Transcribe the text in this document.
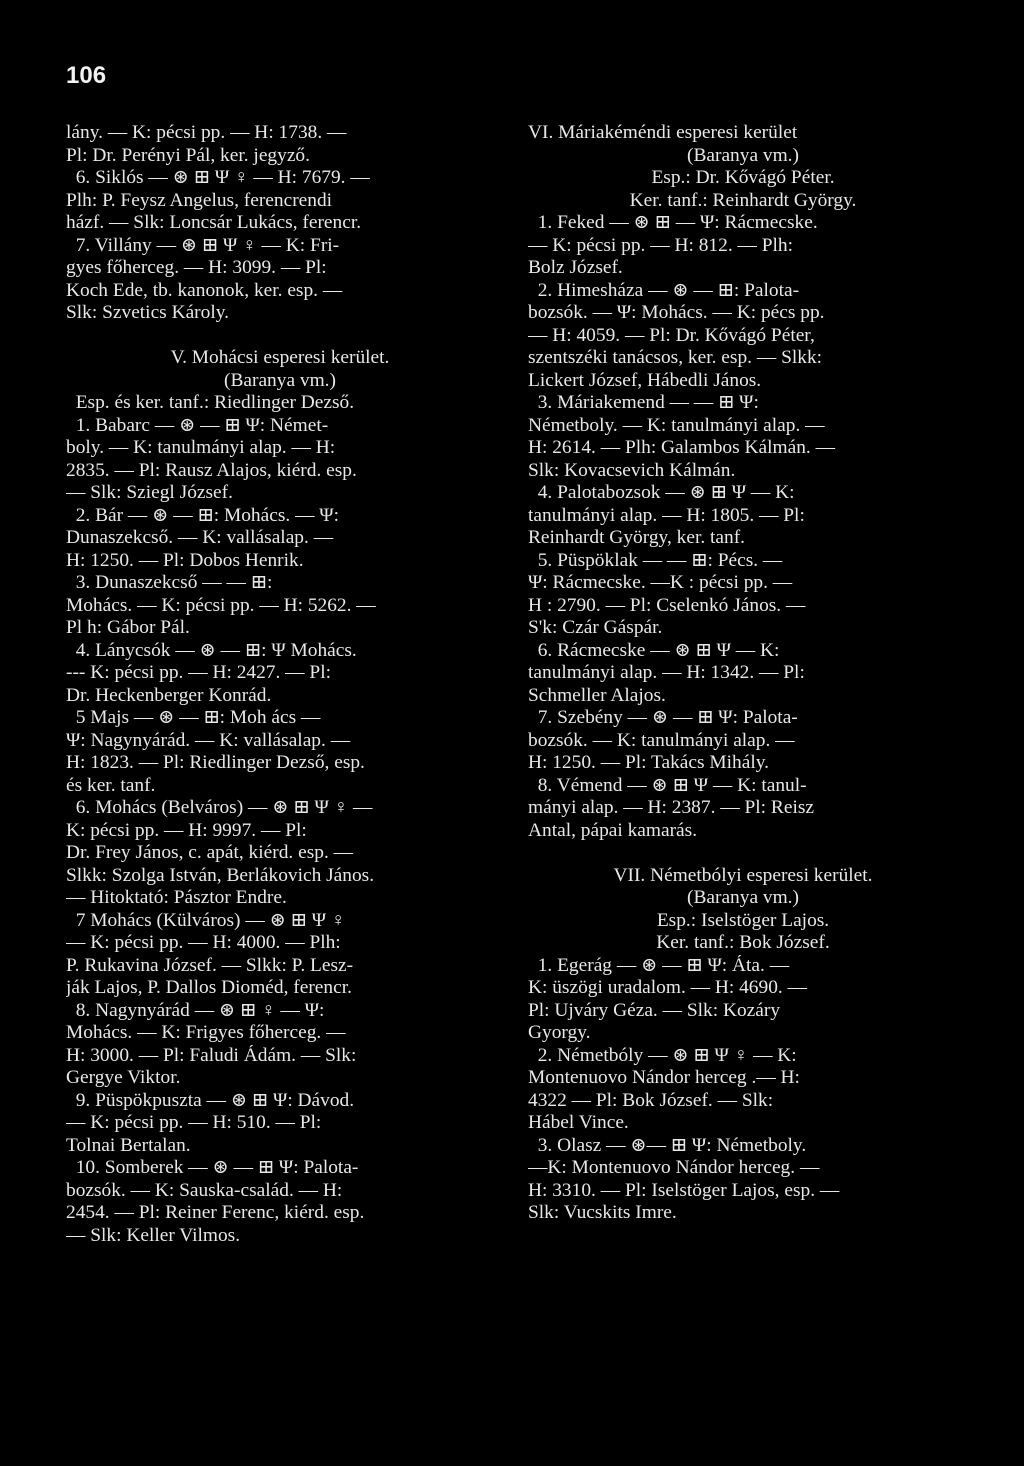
106
lány. — K: pécsi pp. — H: 1738. —
Pl: Dr. Perényi Pál, ker. jegyző.
6. Siklós — ⊛ ⊞ Ψ ♀ — H: 7679. —
Plh: P. Feysz Angelus, ferencrendi
házf. — Slk: Loncsár Lukács, ferencr.
7. Villány — ⊛ ⊞ Ψ ♀ — K: Fri-
gyes főherceg. — H: 3099. — Pl:
Koch Ede, tb. kanonok, ker. esp. —
Slk: Szvetics Károly.
V. Mohácsi esperesi kerület.
(Baranya vm.)
Esp. és ker. tanf.: Riedlinger Dezső.
1. Babarc — ⊛ — ⊞ Ψ: Német-
boly. — K: tanulmányi alap. — H:
2835. — Pl: Rausz Alajos, kiérd. esp.
— Slk: Sziegl József.
2. Bár — ⊛ — ⊞: Mohács. — Ψ:
Dunaszekcső. — K: vallásalap. —
H: 1250. — Pl: Dobos Henrik.
3. Dunaszekcső — — ⊞:
Mohács. — K: pécsi pp. — H: 5262. —
Pl h: Gábor Pál.
4. Lánycsók — ⊛ — ⊞: Ψ Mohács.
--- K: pécsi pp. — H: 2427. — Pl:
Dr. Heckenberger Konrád.
5 Majs — ⊛ — ⊞: Moh ács —
Ψ: Nagynyárád. — K: vallásalap. —
H: 1823. — Pl: Riedlinger Dezső, esp.
és ker. tanf.
6. Mohács (Belváros) — ⊛ ⊞ Ψ ♀ —
K: pécsi pp. — H: 9997. — Pl:
Dr. Frey János, c. apát, kiérd. esp. —
Slkk: Szolga István, Berlákovich János.
— Hitoktató: Pásztor Endre.
7 Mohács (Külváros) — ⊛ ⊞ Ψ ♀
— K: pécsi pp. — H: 4000. — Plh:
P. Rukavina József. — Slkk: P. Lesz-
ják Lajos, P. Dallos Dioméd, ferencr.
8. Nagynyárád — ⊛ ⊞ ♀ — Ψ:
Mohács. — K: Frigyes főherceg. —
H: 3000. — Pl: Faludi Ádám. — Slk:
Gergye Viktor.
9. Püspökpuszta — ⊛ ⊞ Ψ: Dávod.
— K: pécsi pp. — H: 510. — Pl:
Tolnai Bertalan.
10. Somberek — ⊛ — ⊞ Ψ: Palota-
bozsók. — K: Sauska-család. — H:
2454. — Pl: Reiner Ferenc, kiérd. esp.
— Slk: Keller Vilmos.
VI. Máriakéméndi esperesi kerület
(Baranya vm.)
Esp.: Dr. Kővágó Péter.
Ker. tanf.: Reinhardt György.
1. Feked — ⊛ ⊞ — Ψ: Rácmecske.
— K: pécsi pp. — H: 812. — Plh:
Bolz József.
2. Himesháza — ⊛ — ⊞: Palota-
bozsók. — Ψ: Mohács. — K: pécs pp.
— H: 4059. — Pl: Dr. Kővágó Péter,
szentszéki tanácsos, ker. esp. — Slkk:
Lickert József, Hábedli János.
3. Máriakemend — — ⊞ Ψ:
Németboly. — K: tanulmányi alap. —
H: 2614. — Plh: Galambos Kálmán. —
Slk: Kovacsevich Kálmán.
4. Palotabozsok — ⊛ ⊞ Ψ — K:
tanulmányi alap. — H: 1805. — Pl:
Reinhardt György, ker. tanf.
5. Püspöklak — — ⊞: Pécs. —
Ψ: Rácmecske. —K : pécsi pp. —
H : 2790. — Pl: Cselenkó János. —
S'k: Czár Gáspár.
6. Rácmecske — ⊛ ⊞ Ψ — K:
tanulmányi alap. — H: 1342. — Pl:
Schmeller Alajos.
7. Szebény — ⊛ — ⊞ Ψ: Palota-
bozsók. — K: tanulmányi alap. —
H: 1250. — Pl: Takács Mihály.
8. Vémend — ⊛ ⊞ Ψ — K: tanul-
mányi alap. — H: 2387. — Pl: Reisz
Antal, pápai kamarás.
VII. Németbólyi esperesi kerület.
(Baranya vm.)
Esp.: Iselstöger Lajos.
Ker. tanf.: Bok József.
1. Egerág — ⊛ — ⊞ Ψ: Áta. —
K: üszögi uradalom. — H: 4690. —
Pl: Ujváry Géza. — Slk: Kozáry
Gyorgy.
2. Németbóly — ⊛ ⊞ Ψ ♀ — K:
Montenuovo Nándor herceg .— H:
4322 — Pl: Bok József. — Slk:
Hábel Vince.
3. Olasz — ⊛— ⊞ Ψ: Németboly.
—K: Montenuovo Nándor herceg. —
H: 3310. — Pl: Iselstöger Lajos, esp. —
Slk: Vucskits Imre.
